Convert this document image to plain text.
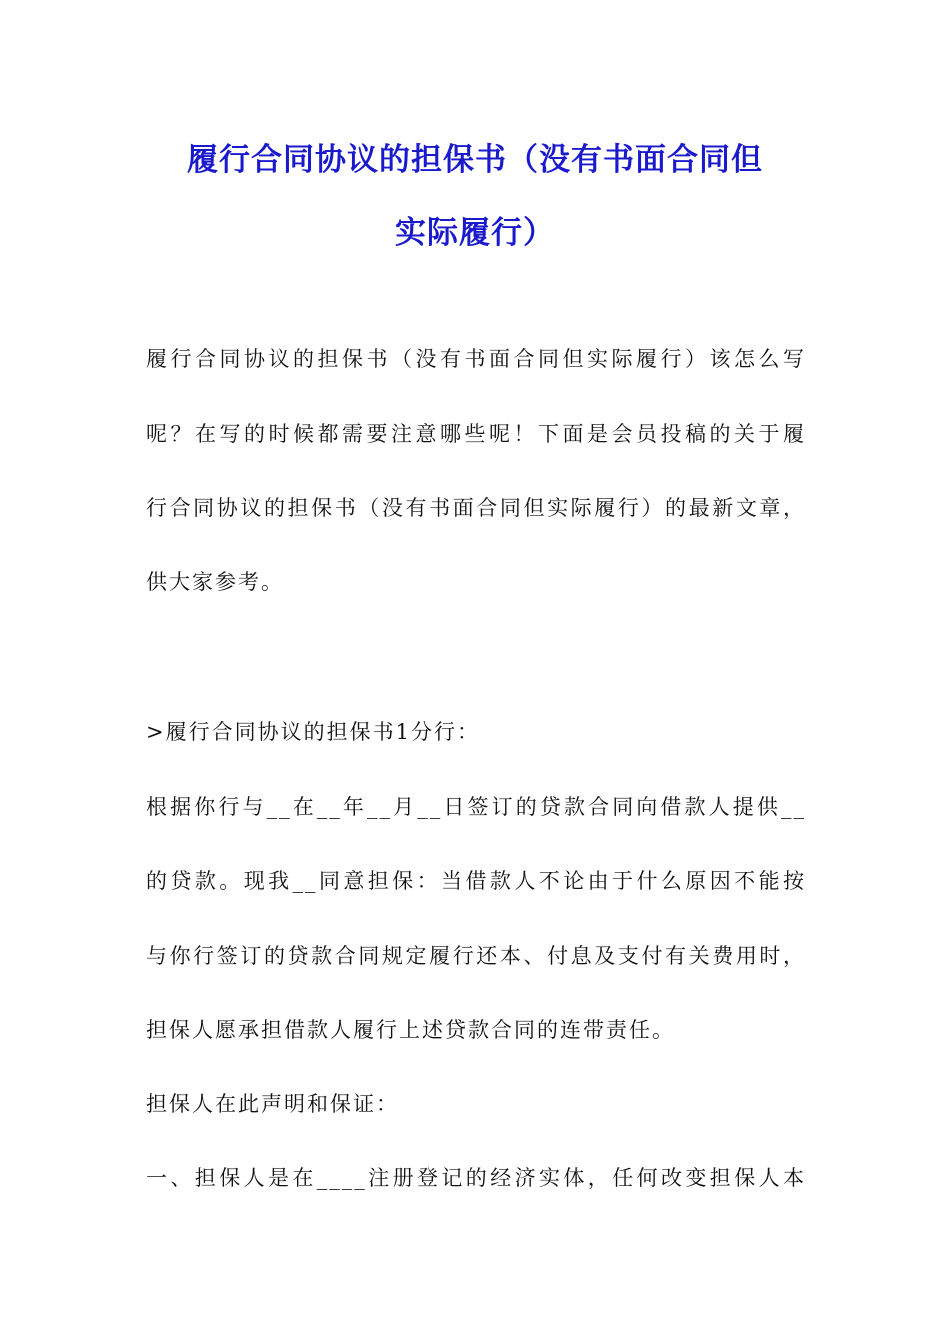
履行合同协议的担保书（没有书面合同但
实际履行）
履行合同协议的担保书（没有书面合同但实际履行）该怎么写
呢？在写的时候都需要注意哪些呢！下面是会员投稿的关于履
行合同协议的担保书（没有书面合同但实际履行）的最新文章，
供大家参考。
>履行合同协议的担保书1分行：
根据你行与__在__年__月__日签订的贷款合同向借款人提供__
的贷款。现我__同意担保：当借款人不论由于什么原因不能按
与你行签订的贷款合同规定履行还本、付息及支付有关费用时，
担保人愿承担借款人履行上述贷款合同的连带责任。
担保人在此声明和保证：
一、担保人是在____注册登记的经济实体，任何改变担保人本
